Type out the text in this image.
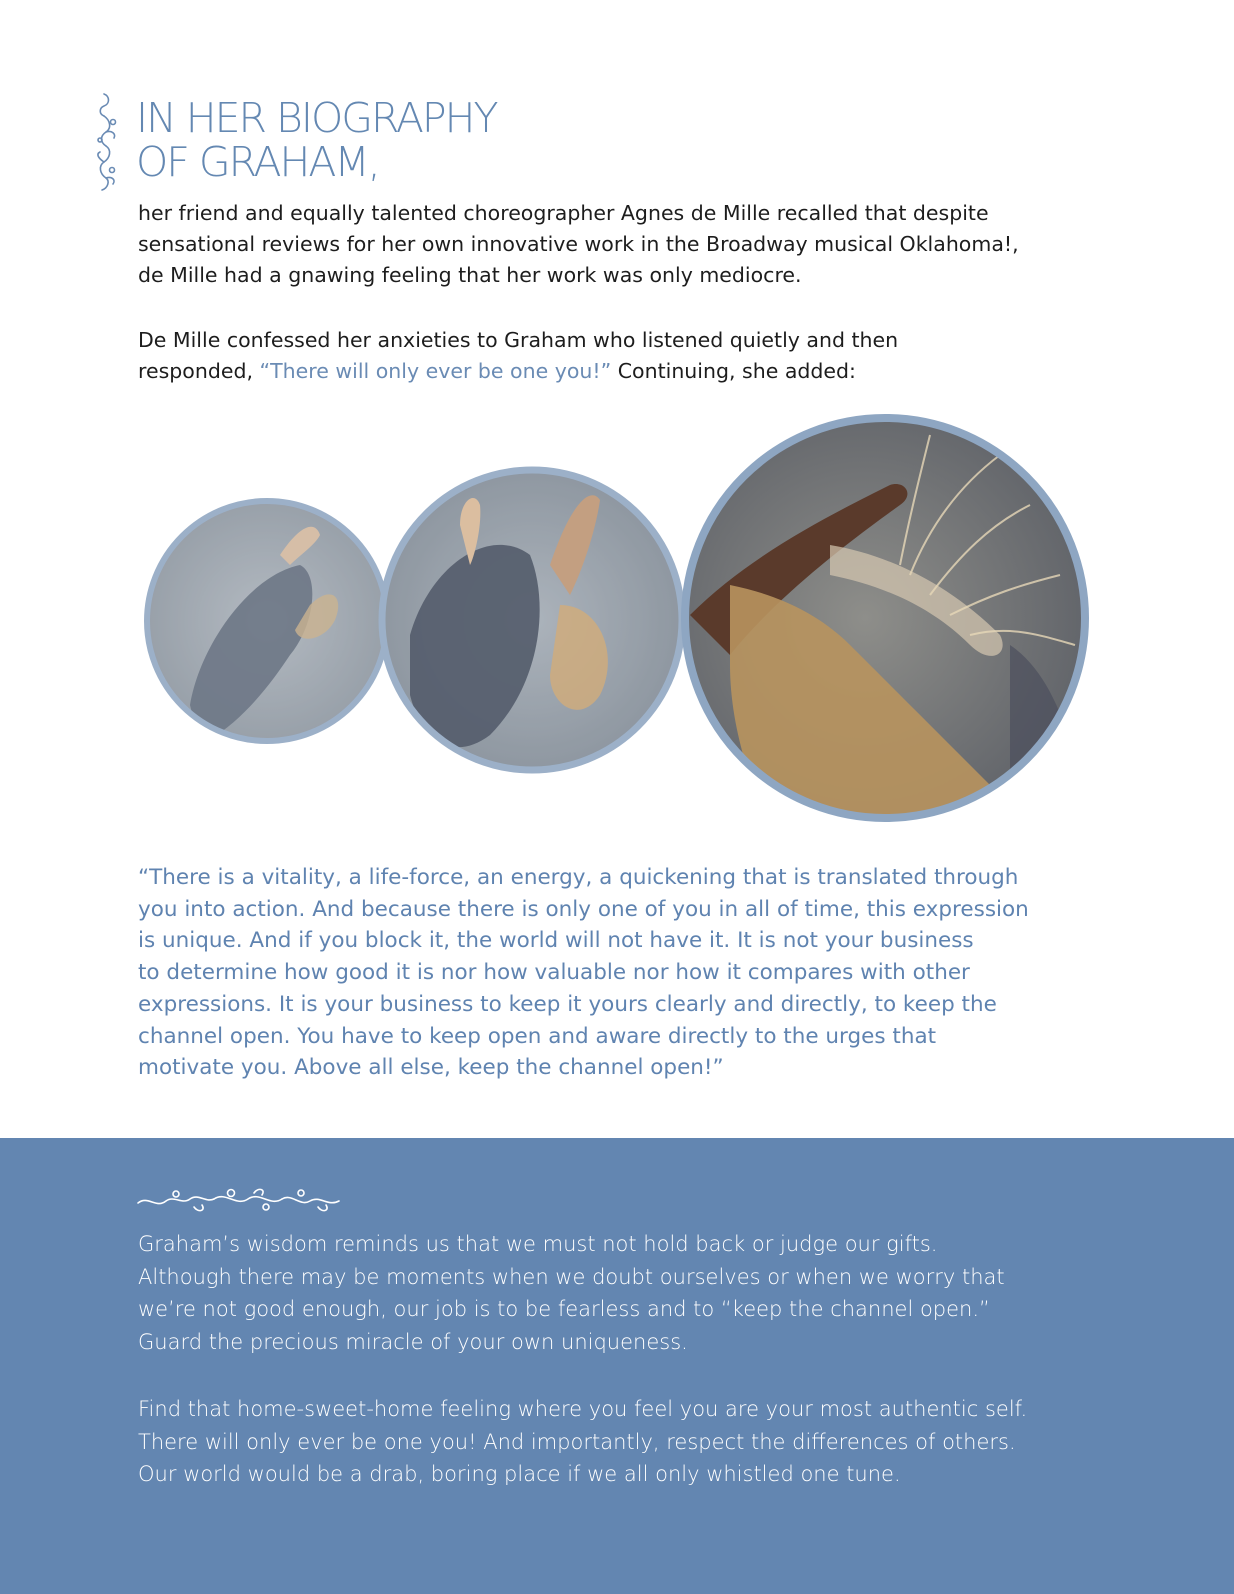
IN HER BIOGRAPHY
OF GRAHAM,
her friend and equally talented choreographer Agnes de Mille recalled that despite
sensational reviews for her own innovative work in the Broadway musical Oklahoma!,
de Mille had a gnawing feeling that her work was only mediocre.
De Mille confessed her anxieties to Graham who listened quietly and then
responded, “There will only ever be one you!” Continuing, she added:
“There is a vitality, a life-force, an energy, a quickening that is translated through
you into action. And because there is only one of you in all of time, this expression
is unique. And if you block it, the world will not have it. It is not your business
to determine how good it is nor how valuable nor how it compares with other
expressions. It is your business to keep it yours clearly and directly, to keep the
channel open. You have to keep open and aware directly to the urges that
motivate you. Above all else, keep the channel open!”
Graham’s wisdom reminds us that we must not hold back or judge our gifts.
Although there may be moments when we doubt ourselves or when we worry that
we’re not good enough, our job is to be fearless and to “keep the channel open.”
Guard the precious miracle of your own uniqueness.
Find that home-sweet-home feeling where you feel you are your most authentic self.
There will only ever be one you! And importantly, respect the differences of others.
Our world would be a drab, boring place if we all only whistled one tune.
